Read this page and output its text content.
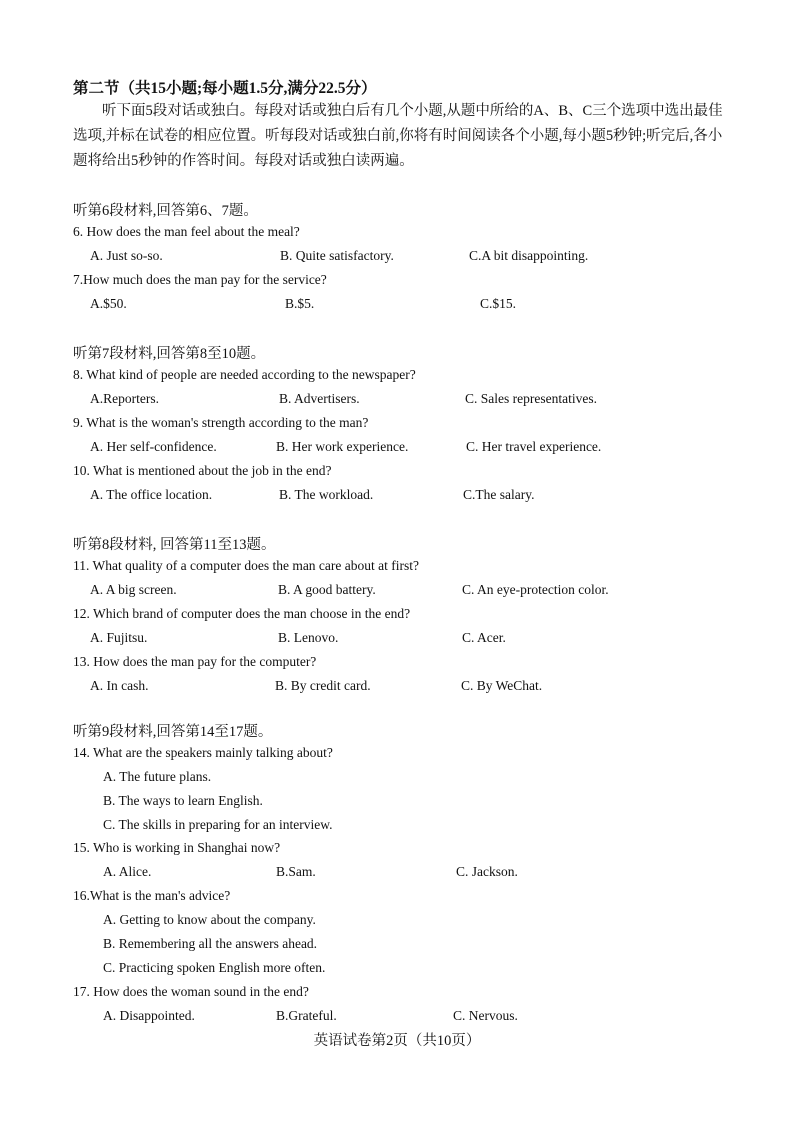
第二节（共15小题;每小题1.5分,满分22.5分）
听下面5段对话或独白。每段对话或独白后有几个小题,从题中所给的A、B、C三个选项中选出最佳选项,并标在试卷的相应位置。听每段对话或独白前,你将有时间阅读各个小题,每小题5秒钟;听完后,各小题将给出5秒钟的作答时间。每段对话或独白读两遍。
听第6段材料,回答第6、7题。
6. How does the man feel about the meal?
A. Just so-so.	B. Quite satisfactory.	C.A bit disappointing.
7.How much does the man pay for the service?
A.$50.	B.$5.	C.$15.
听第7段材料,回答第8至10题。
8. What kind of people are needed according to the newspaper?
A.Reporters.	B. Advertisers.	C. Sales representatives.
9. What is the woman's strength according to the man?
A. Her self-confidence.	B. Her work experience.	C. Her travel experience.
10. What is mentioned about the job in the end?
A. The office location.	B. The workload.	C.The salary.
听第8段材料, 回答第11至13题。
11. What quality of a computer does the man care about at first?
A. A big screen.	B. A good battery.	C. An eye-protection color.
12. Which brand of computer does the man choose in the end?
A. Fujitsu.	B. Lenovo.	C. Acer.
13. How does the man pay for the computer?
A. In cash.	B. By credit card.	C. By WeChat.
听第9段材料,回答第14至17题。
14. What are the speakers mainly talking about?
A. The future plans.
B. The ways to learn English.
C. The skills in preparing for an interview.
15. Who is working in Shanghai now?
A. Alice.	B.Sam.	C. Jackson.
16.What is the man's advice?
A. Getting to know about the company.
B. Remembering all the answers ahead.
C. Practicing spoken English more often.
17. How does the woman sound in the end?
A. Disappointed.	B.Grateful.	C. Nervous.
英语试卷第2页（共10页）
